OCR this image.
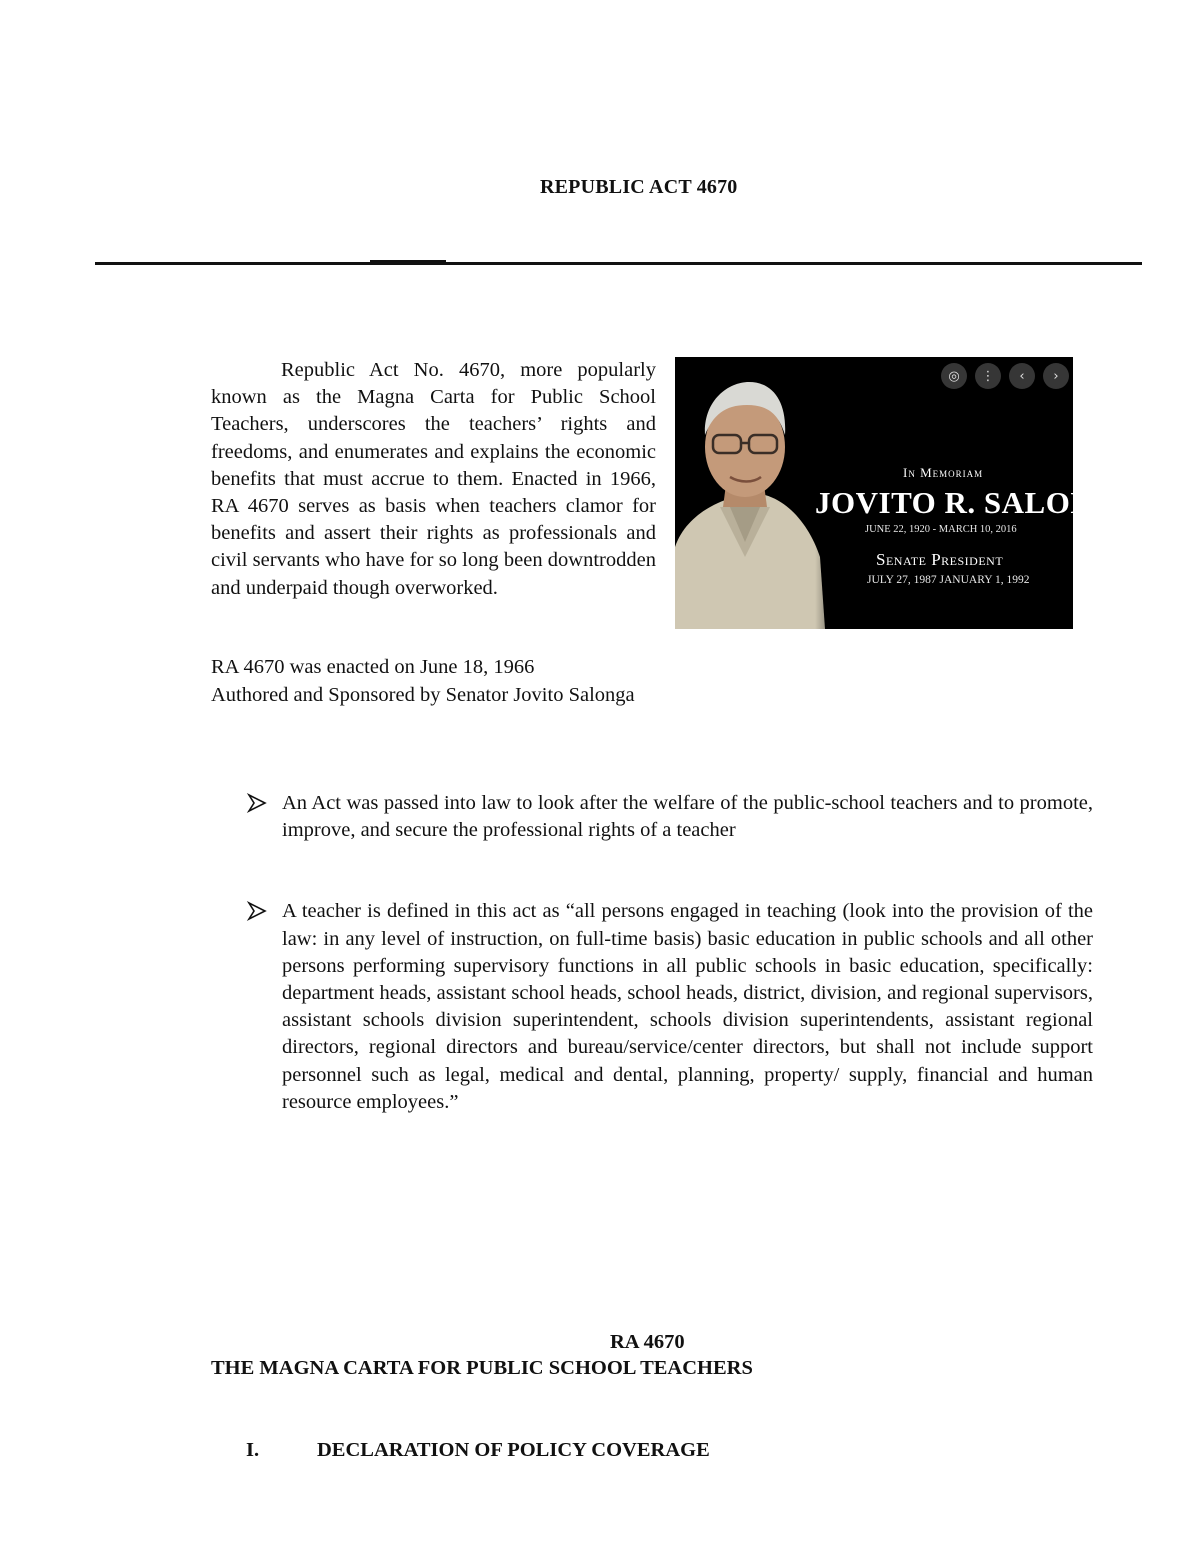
REPUBLIC ACT 4670

Republic Act No. 4670, more popularly known as the Magna Carta for Public School Teachers, underscores the teachers’ rights and freedoms, and enumerates and explains the economic benefits that must accrue to them. Enacted in 1966, RA 4670 serves as basis when teachers clamor for benefits and assert their rights as professionals and civil servants who have for so long been downtrodden and underpaid though overworked.

◎	⋮	‹	›
In Memoriam
JOVITO R. SALONGA
JUNE 22, 1920 - MARCH 10, 2016
Senate President
JULY 27, 1987 JANUARY 1, 1992
RA 4670 was enacted on June 18, 1966
Authored and Sponsored by Senator Jovito Salonga
An Act was passed into law to look after the welfare of the public-school teachers and to promote, improve, and secure the professional rights of a teacher
A teacher is defined in this act as “all persons engaged in teaching (look into the provision of the law: in any level of instruction, on full-time basis) basic education in public schools and all other persons performing supervisory functions in all public schools in basic education, specifically: department heads, assistant school heads, school heads, district, division, and regional supervisors, assistant schools division superintendent, schools division superintendents, assistant regional directors, regional directors and bureau/service/center directors, but shall not include support personnel such as legal, medical and dental, planning, property/ supply, financial and human resource employees.”
RA 4670
THE MAGNA CARTA FOR PUBLIC SCHOOL TEACHERS
I.	DECLARATION OF POLICY COVERAGE
